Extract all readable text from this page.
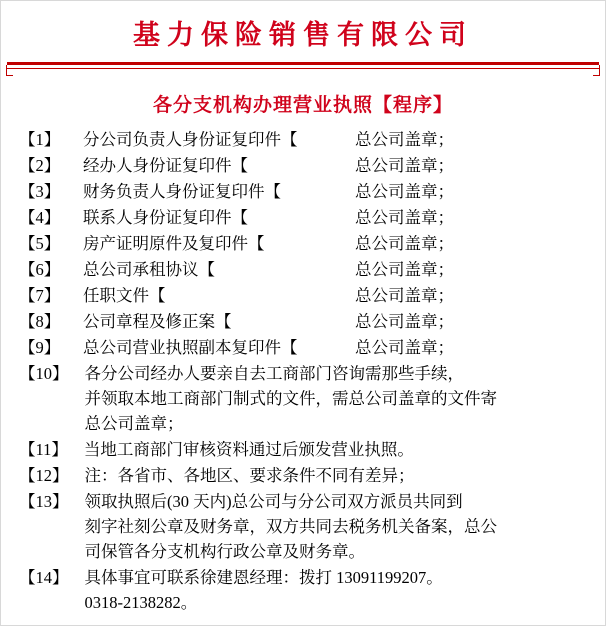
基力保险销售有限公司
各分支机构办理营业执照【程序】
【1】	分公司负责人身份证复印件【	总公司盖章；
【2】	经办人身份证复印件【	总公司盖章；
【3】	财务负责人身份证复印件【	总公司盖章；
【4】	联系人身份证复印件【	总公司盖章；
【5】	房产证明原件及复印件【	总公司盖章；
【6】	总公司承租协议【	总公司盖章；
【7】	任职文件【	总公司盖章；
【8】	公司章程及修正案【	总公司盖章；
【9】	总公司营业执照副本复印件【	总公司盖章；
【10】 各分公司经办人要亲自去工商部门咨询需那些手续，
并领取本地工商部门制式的文件，需总公司盖章的文件寄
总公司盖章；
【11】 当地工商部门审核资料通过后颁发营业执照。
【12】 注：各省市、各地区、要求条件不同有差异；
【13】 领取执照后(30 天内)总公司与分公司双方派员共同到
刻字社刻公章及财务章，双方共同去税务机关备案，总公
司保管各分支机构行政公章及财务章。
【14】 具体事宜可联系徐建恩经理：拨打 13091199207。
0318-2138282。
